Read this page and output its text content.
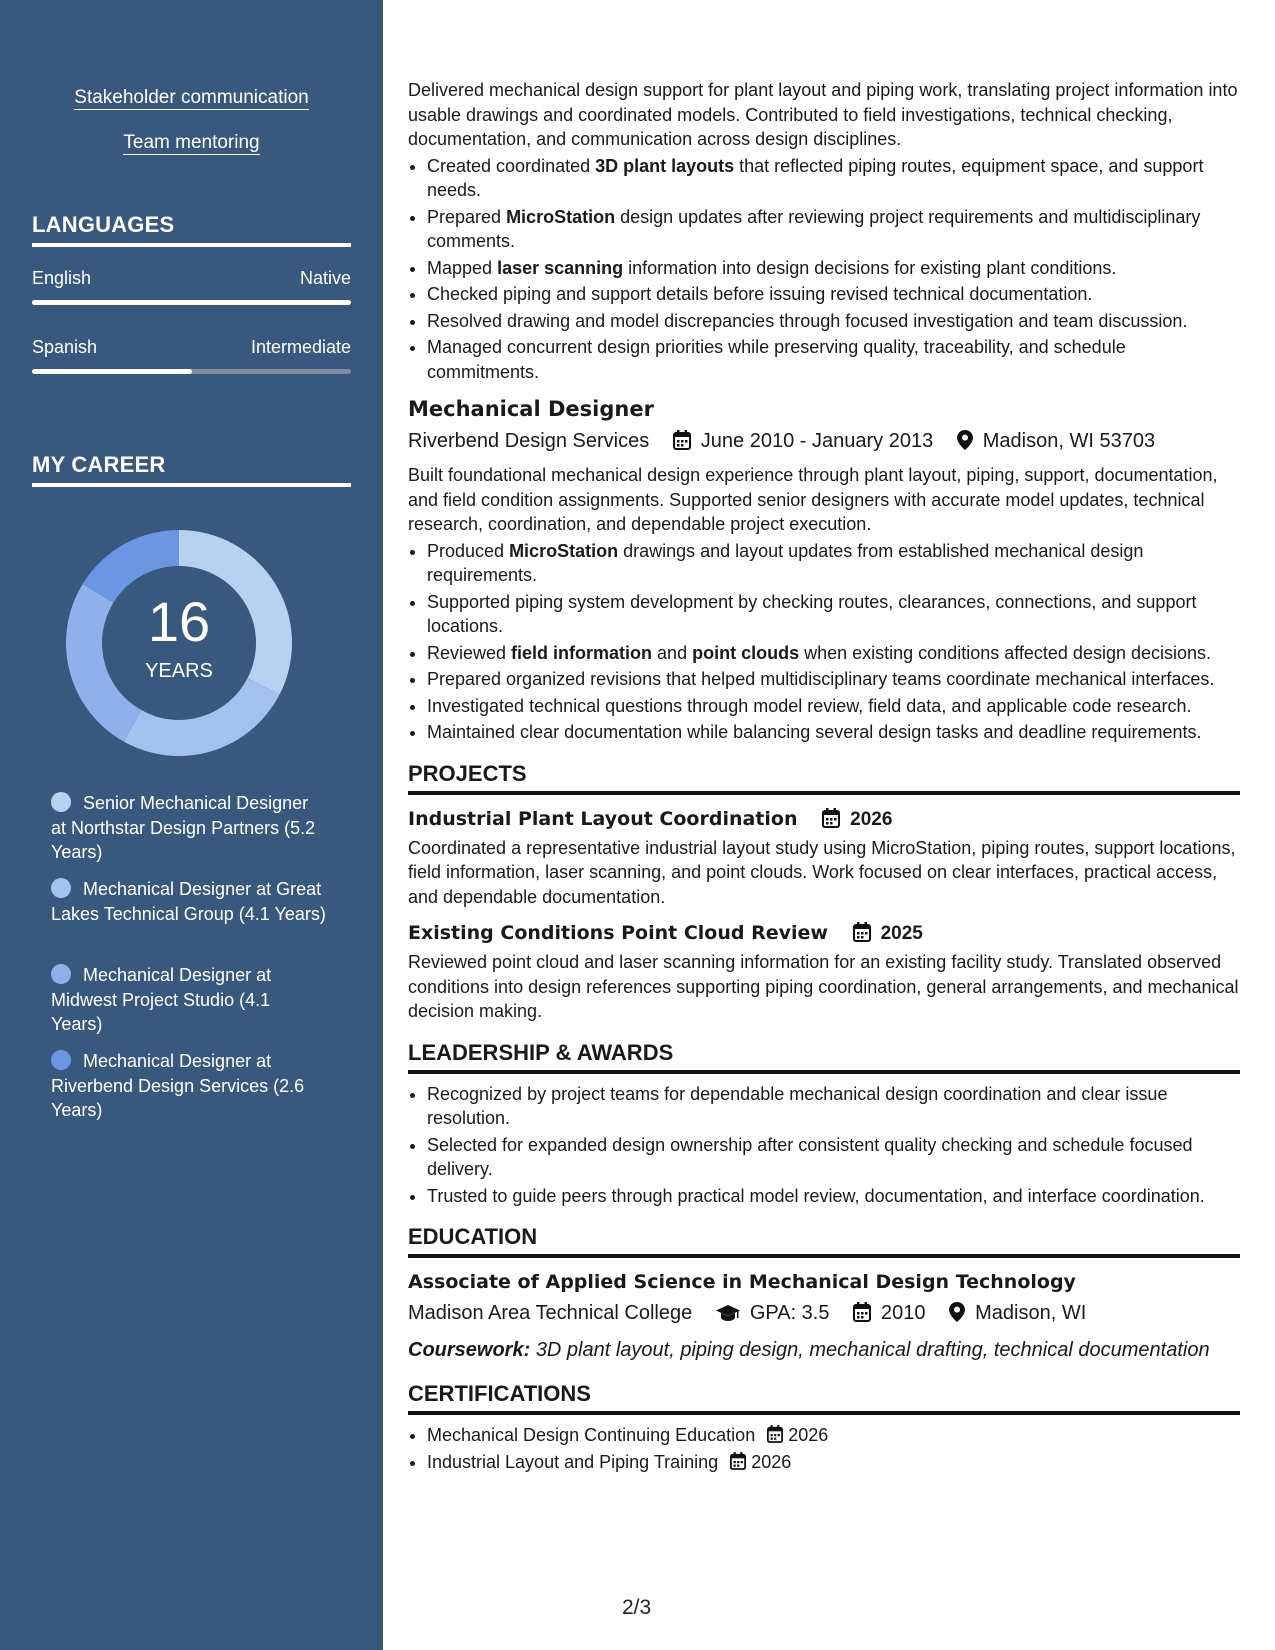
Stakeholder communication
Team mentoring
LANGUAGES
English	Native
Spanish	Intermediate
MY CAREER
16
YEARS
Senior Mechanical Designer at Northstar Design Partners (5.2 Years)
Mechanical Designer at Great Lakes Technical Group (4.1 Years)
Mechanical Designer at Midwest Project Studio (4.1 Years)
Mechanical Designer at Riverbend Design Services (2.6 Years)

Delivered mechanical design support for plant layout and piping work, translating project information into usable drawings and coordinated models. Contributed to field investigations, technical checking, documentation, and communication across design disciplines.

• Created coordinated 3D plant layouts that reflected piping routes, equipment space, and support needs.
• Prepared MicroStation design updates after reviewing project requirements and multidisciplinary comments.
• Mapped laser scanning information into design decisions for existing plant conditions.
• Checked piping and support details before issuing revised technical documentation.
• Resolved drawing and model discrepancies through focused investigation and team discussion.
• Managed concurrent design priorities while preserving quality, traceability, and schedule commitments.
Mechanical Designer
Riverbend Design Services	June 2010 - January 2013 Madison, WI 53703

Built foundational mechanical design experience through plant layout, piping, support, documentation, and field condition assignments. Supported senior designers with accurate model updates, technical research, coordination, and dependable project execution.

• Produced MicroStation drawings and layout updates from established mechanical design requirements.
• Supported piping system development by checking routes, clearances, connections, and support locations.
• Reviewed field information and point clouds when existing conditions affected design decisions.
• Prepared organized revisions that helped multidisciplinary teams coordinate mechanical interfaces.
• Investigated technical questions through model review, field data, and applicable code research.
• Maintained clear documentation while balancing several design tasks and deadline requirements.
PROJECTS
Industrial Plant Layout Coordination	2026

Coordinated a representative industrial layout study using MicroStation, piping routes, support locations, field information, laser scanning, and point clouds. Work focused on clear interfaces, practical access, and dependable documentation.

Existing Conditions Point Cloud Review	2025

Reviewed point cloud and laser scanning information for an existing facility study. Translated observed conditions into design references supporting piping coordination, general arrangements, and mechanical decision making.

LEADERSHIP & AWARDS
• Recognized by project teams for dependable mechanical design coordination and clear issue resolution.
• Selected for expanded design ownership after consistent quality checking and schedule focused delivery.
• Trusted to guide peers through practical model review, documentation, and interface coordination.
EDUCATION
Associate of Applied Science in Mechanical Design Technology
Madison Area Technical College	GPA: 3.5	2010 Madison, WI
Coursework: 3D plant layout, piping design, mechanical drafting, technical documentation
CERTIFICATIONS
• Mechanical Design Continuing Education 2026
• Industrial Layout and Piping Training 2026
2/3
